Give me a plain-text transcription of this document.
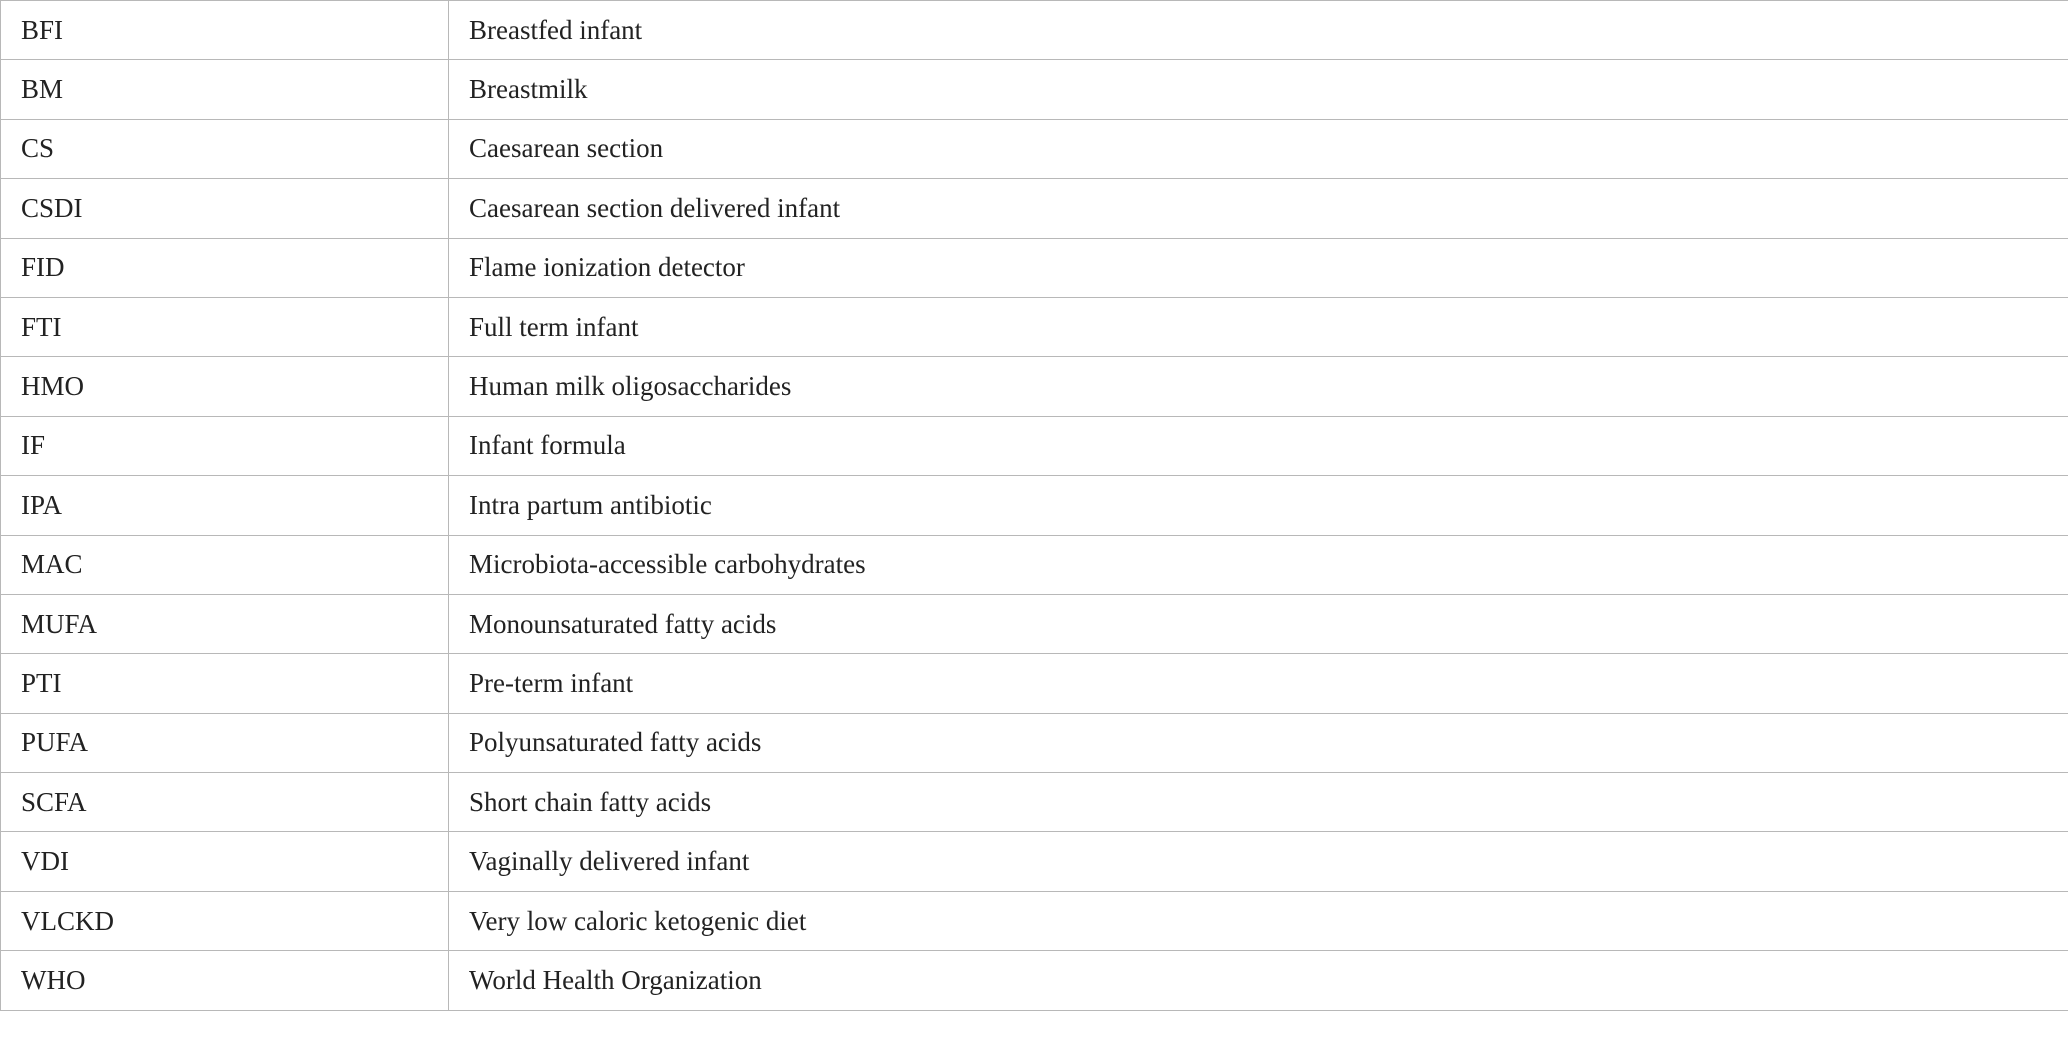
BFI	Breastfed infant
BM	Breastmilk
CS	Caesarean section
CSDI	Caesarean section delivered infant
FID	Flame ionization detector
FTI	Full term infant
HMO	Human milk oligosaccharides
IF	Infant formula
IPA	Intra partum antibiotic
MAC	Microbiota-accessible carbohydrates
MUFA	Monounsaturated fatty acids
PTI	Pre-term infant
PUFA	Polyunsaturated fatty acids
SCFA	Short chain fatty acids
VDI	Vaginally delivered infant
VLCKD	Very low caloric ketogenic diet
WHO	World Health Organization
